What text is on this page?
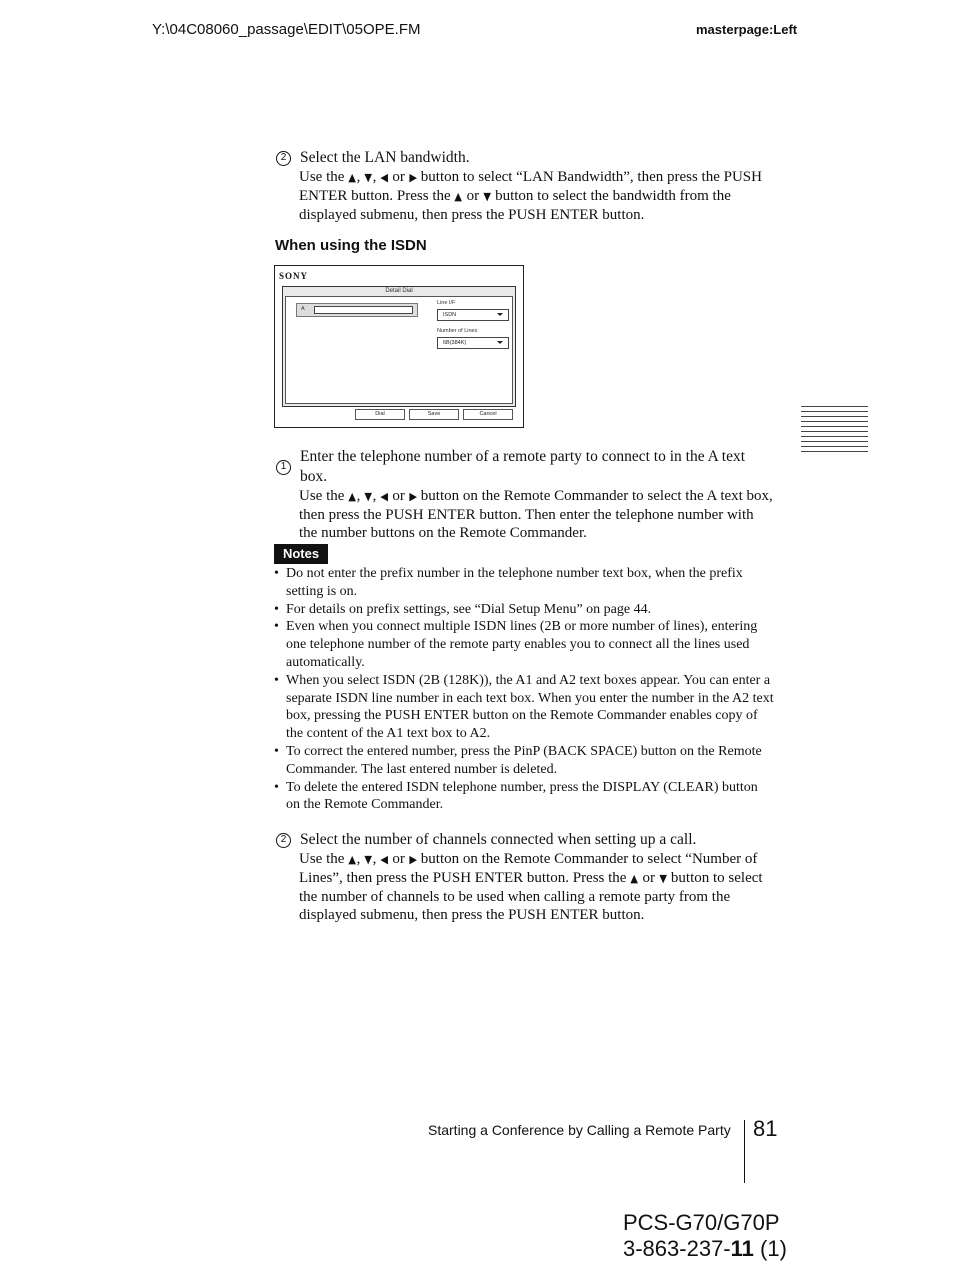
Y:\04C08060_passage\EDIT\05OPE.FM	masterpage:Left
2 Select the LAN bandwidth.
Use the ▲, ▼, ◀ or ▶ button to select “LAN Bandwidth”, then press the PUSH ENTER button. Press the ▲ or ▼ button to select the bandwidth from the displayed submenu, then press the PUSH ENTER button.
When using the ISDN
SONY
Detail Dial
A
Line I/F
ISDN
Number of Lines
6B(384K)
Dial	Save	Cancel
1
Enter the telephone number of a remote party to connect to in the A text box.
Use the ▲, ▼, ◀ or ▶ button on the Remote Commander to select the A text box, then press the PUSH ENTER button. Then enter the telephone number with the number buttons on the Remote Commander.
Notes
• Do not enter the prefix number in the telephone number text box, when the prefix setting is on.
• For details on prefix settings, see “Dial Setup Menu” on page 44.
• Even when you connect multiple ISDN lines (2B or more number of lines), entering one telephone number of the remote party enables you to connect all the lines used automatically.
• When you select ISDN (2B (128K)), the A1 and A2 text boxes appear. You can enter a separate ISDN line number in each text box. When you enter the number in the A2 text box, pressing the PUSH ENTER button on the Remote Commander enables copy of the content of the A1 text box to A2.
• To correct the entered number, press the PinP (BACK SPACE) button on the Remote Commander. The last entered number is deleted.
• To delete the entered ISDN telephone number, press the DISPLAY (CLEAR) button on the Remote Commander.
2 Select the number of channels connected when setting up a call.
Use the ▲, ▼, ◀ or ▶ button on the Remote Commander to select “Number of Lines”, then press the PUSH ENTER button. Press the ▲ or ▼ button to select the number of channels to be used when calling a remote party from the displayed submenu, then press the PUSH ENTER button.
Starting a Conference by Calling a Remote Party 81
PCS-G70/G70P
3-863-237-11 (1)
